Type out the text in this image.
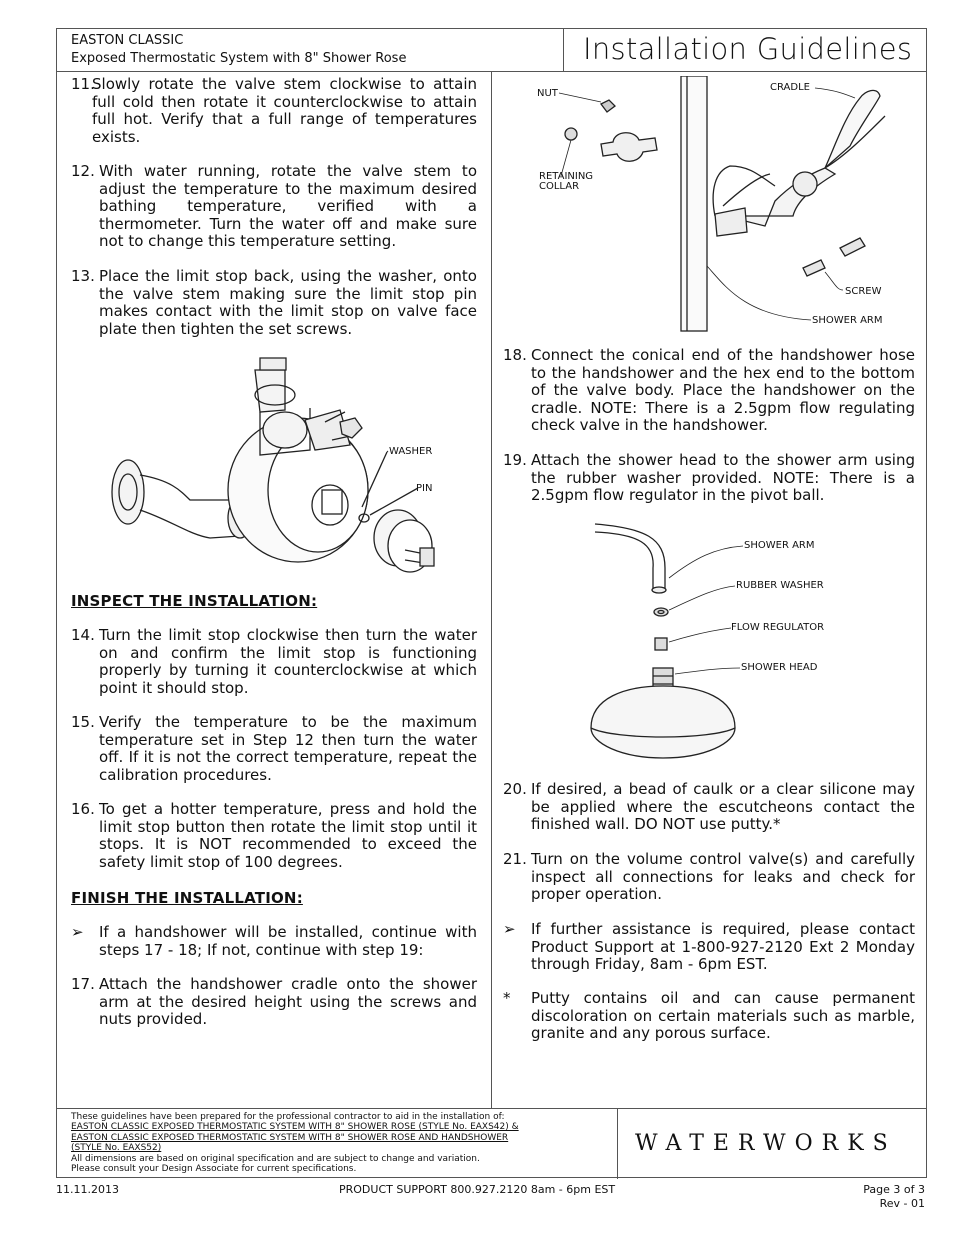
EASTON CLASSIC
Exposed Thermostatic System with 8" Shower Rose	Installation Guidelines
These guidelines have been prepared for the professional contractor to aid in the installation of:
EASTON CLASSIC EXPOSED THERMOSTATIC SYSTEM WITH 8" SHOWER ROSE (STYLE No. EAXS42) &
EASTON CLASSIC EXPOSED THERMOSTATIC SYSTEM WITH 8" SHOWER ROSE AND HANDSHOWER
(STYLE No. EAXS52)
All dimensions are based on original specification and are subject to change and variation.
Please consult your Design Associate for current specifications.
WATERWORKS
11.
Slowly rotate the valve stem clockwise to attain full cold then rotate it counterclockwise to attain full hot. Verify that a full range of temperatures exists.
12. With water running, rotate the valve stem to adjust the temperature to the maximum desired bathing temperature, verified with a thermometer. Turn the water off and make sure not to change this temperature setting.
13. Place the limit stop back, using the washer, onto the valve stem making sure the limit stop pin makes contact with the limit stop on valve face plate then tighten the set screws.
WASHER
PIN
INSPECT THE INSTALLATION:
14. Turn the limit stop clockwise then turn the water on and confirm the limit stop is functioning properly by turning it counterclockwise at which point it should stop.
15. Verify the temperature to be the maximum temperature set in Step 12 then turn the water off. If it is not the correct temperature, repeat the calibration procedures.
16. To get a hotter temperature, press and hold the limit stop button then rotate the limit stop until it stops. It is NOT recommended to exceed the safety limit stop of 100 degrees.
FINISH THE INSTALLATION:
➢	If a handshower will be installed, continue with steps 17 - 18; If not, continue with step 19:
17. Attach the handshower cradle onto the shower arm at the desired height using the screws and nuts provided.
NUT
CRADLE
RETAINING
COLLAR
SCREW
SHOWER ARM
18. Connect the conical end of the handshower hose to the handshower and the hex end to the bottom of the valve body. Place the handshower on the cradle. NOTE: There is a 2.5gpm flow regulating check valve in the handshower.
19. Attach the shower head to the shower arm using the rubber washer provided. NOTE: There is a 2.5gpm flow regulator in the pivot ball.
SHOWER ARM
RUBBER WASHER
FLOW REGULATOR
SHOWER HEAD
20. If desired, a bead of caulk or a clear silicone may be applied where the escutcheons contact the finished wall. DO NOT use putty.*
21. Turn on the volume control valve(s) and carefully inspect all connections for leaks and check for proper operation.
➢	If further assistance is required, please contact Product Support at 1-800-927-2120 Ext 2 Monday through Friday, 8am - 6pm EST.
*	Putty contains oil and can cause permanent discoloration on certain materials such as marble, granite and any porous surface.
11.11.2013	PRODUCT SUPPORT 800.927.2120 8am - 6pm EST	Page 3 of 3
Rev - 01
